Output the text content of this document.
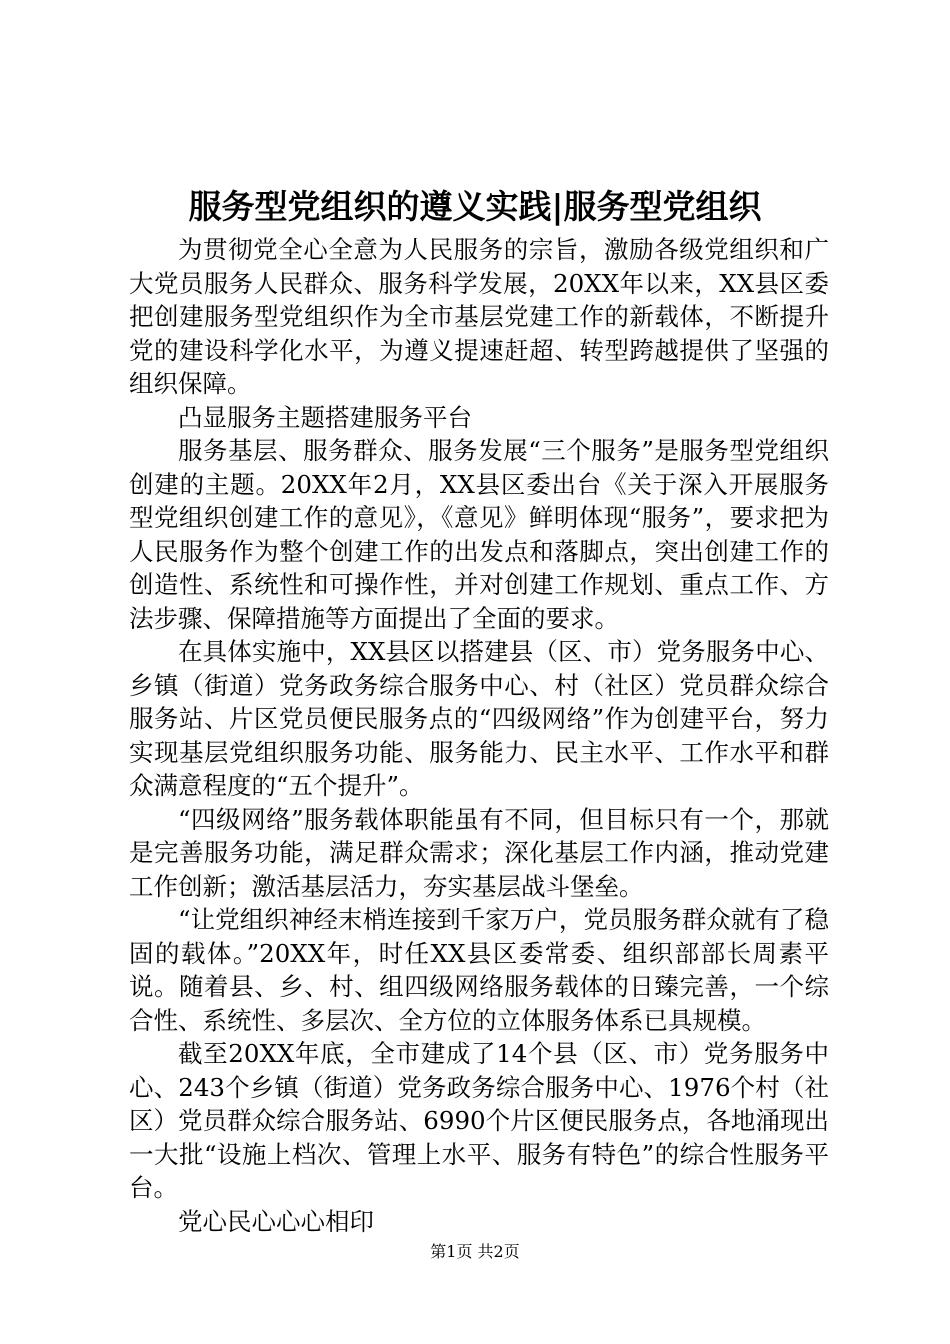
服务型党组织的遵义实践|服务型党组织

为贯彻党全心全意为人民服务的宗旨，激励各级党组织和广大党员服务人民群众、服务科学发展，20XX年以来，XX县区委把创建服务型党组织作为全市基层党建工作的新载体，不断提升党的建设科学化水平，为遵义提速赶超、转型跨越提供了坚强的组织保障。

凸显服务主题搭建服务平台

服务基层、服务群众、服务发展“三个服务”是服务型党组织创建的主题。20XX年2月，XX县区委出台《关于深入开展服务型党组织创建工作的意见》，《意见》鲜明体现“服务”，要求把为人民服务作为整个创建工作的出发点和落脚点，突出创建工作的创造性、系统性和可操作性，并对创建工作规划、重点工作、方法步骤、保障措施等方面提出了全面的要求。

在具体实施中，XX县区以搭建县（区、市）党务服务中心、乡镇（街道）党务政务综合服务中心、村（社区）党员群众综合服务站、片区党员便民服务点的“四级网络”作为创建平台，努力实现基层党组织服务功能、服务能力、民主水平、工作水平和群众满意程度的“五个提升”。

“四级网络”服务载体职能虽有不同，但目标只有一个，那就是完善服务功能，满足群众需求；深化基层工作内涵，推动党建工作创新；激活基层活力，夯实基层战斗堡垒。

“让党组织神经末梢连接到千家万户，党员服务群众就有了稳固的载体。”20XX年，时任XX县区委常委、组织部部长周素平说。随着县、乡、村、组四级网络服务载体的日臻完善，一个综合性、系统性、多层次、全方位的立体服务体系已具规模。

截至20XX年底，全市建成了14个县（区、市）党务服务中心、243个乡镇（街道）党务政务综合服务中心、1976个村（社区）党员群众综合服务站、6990个片区便民服务点，各地涌现出一大批“设施上档次、管理上水平、服务有特色”的综合性服务平台。

党心民心心心相印

第1页 共2页
